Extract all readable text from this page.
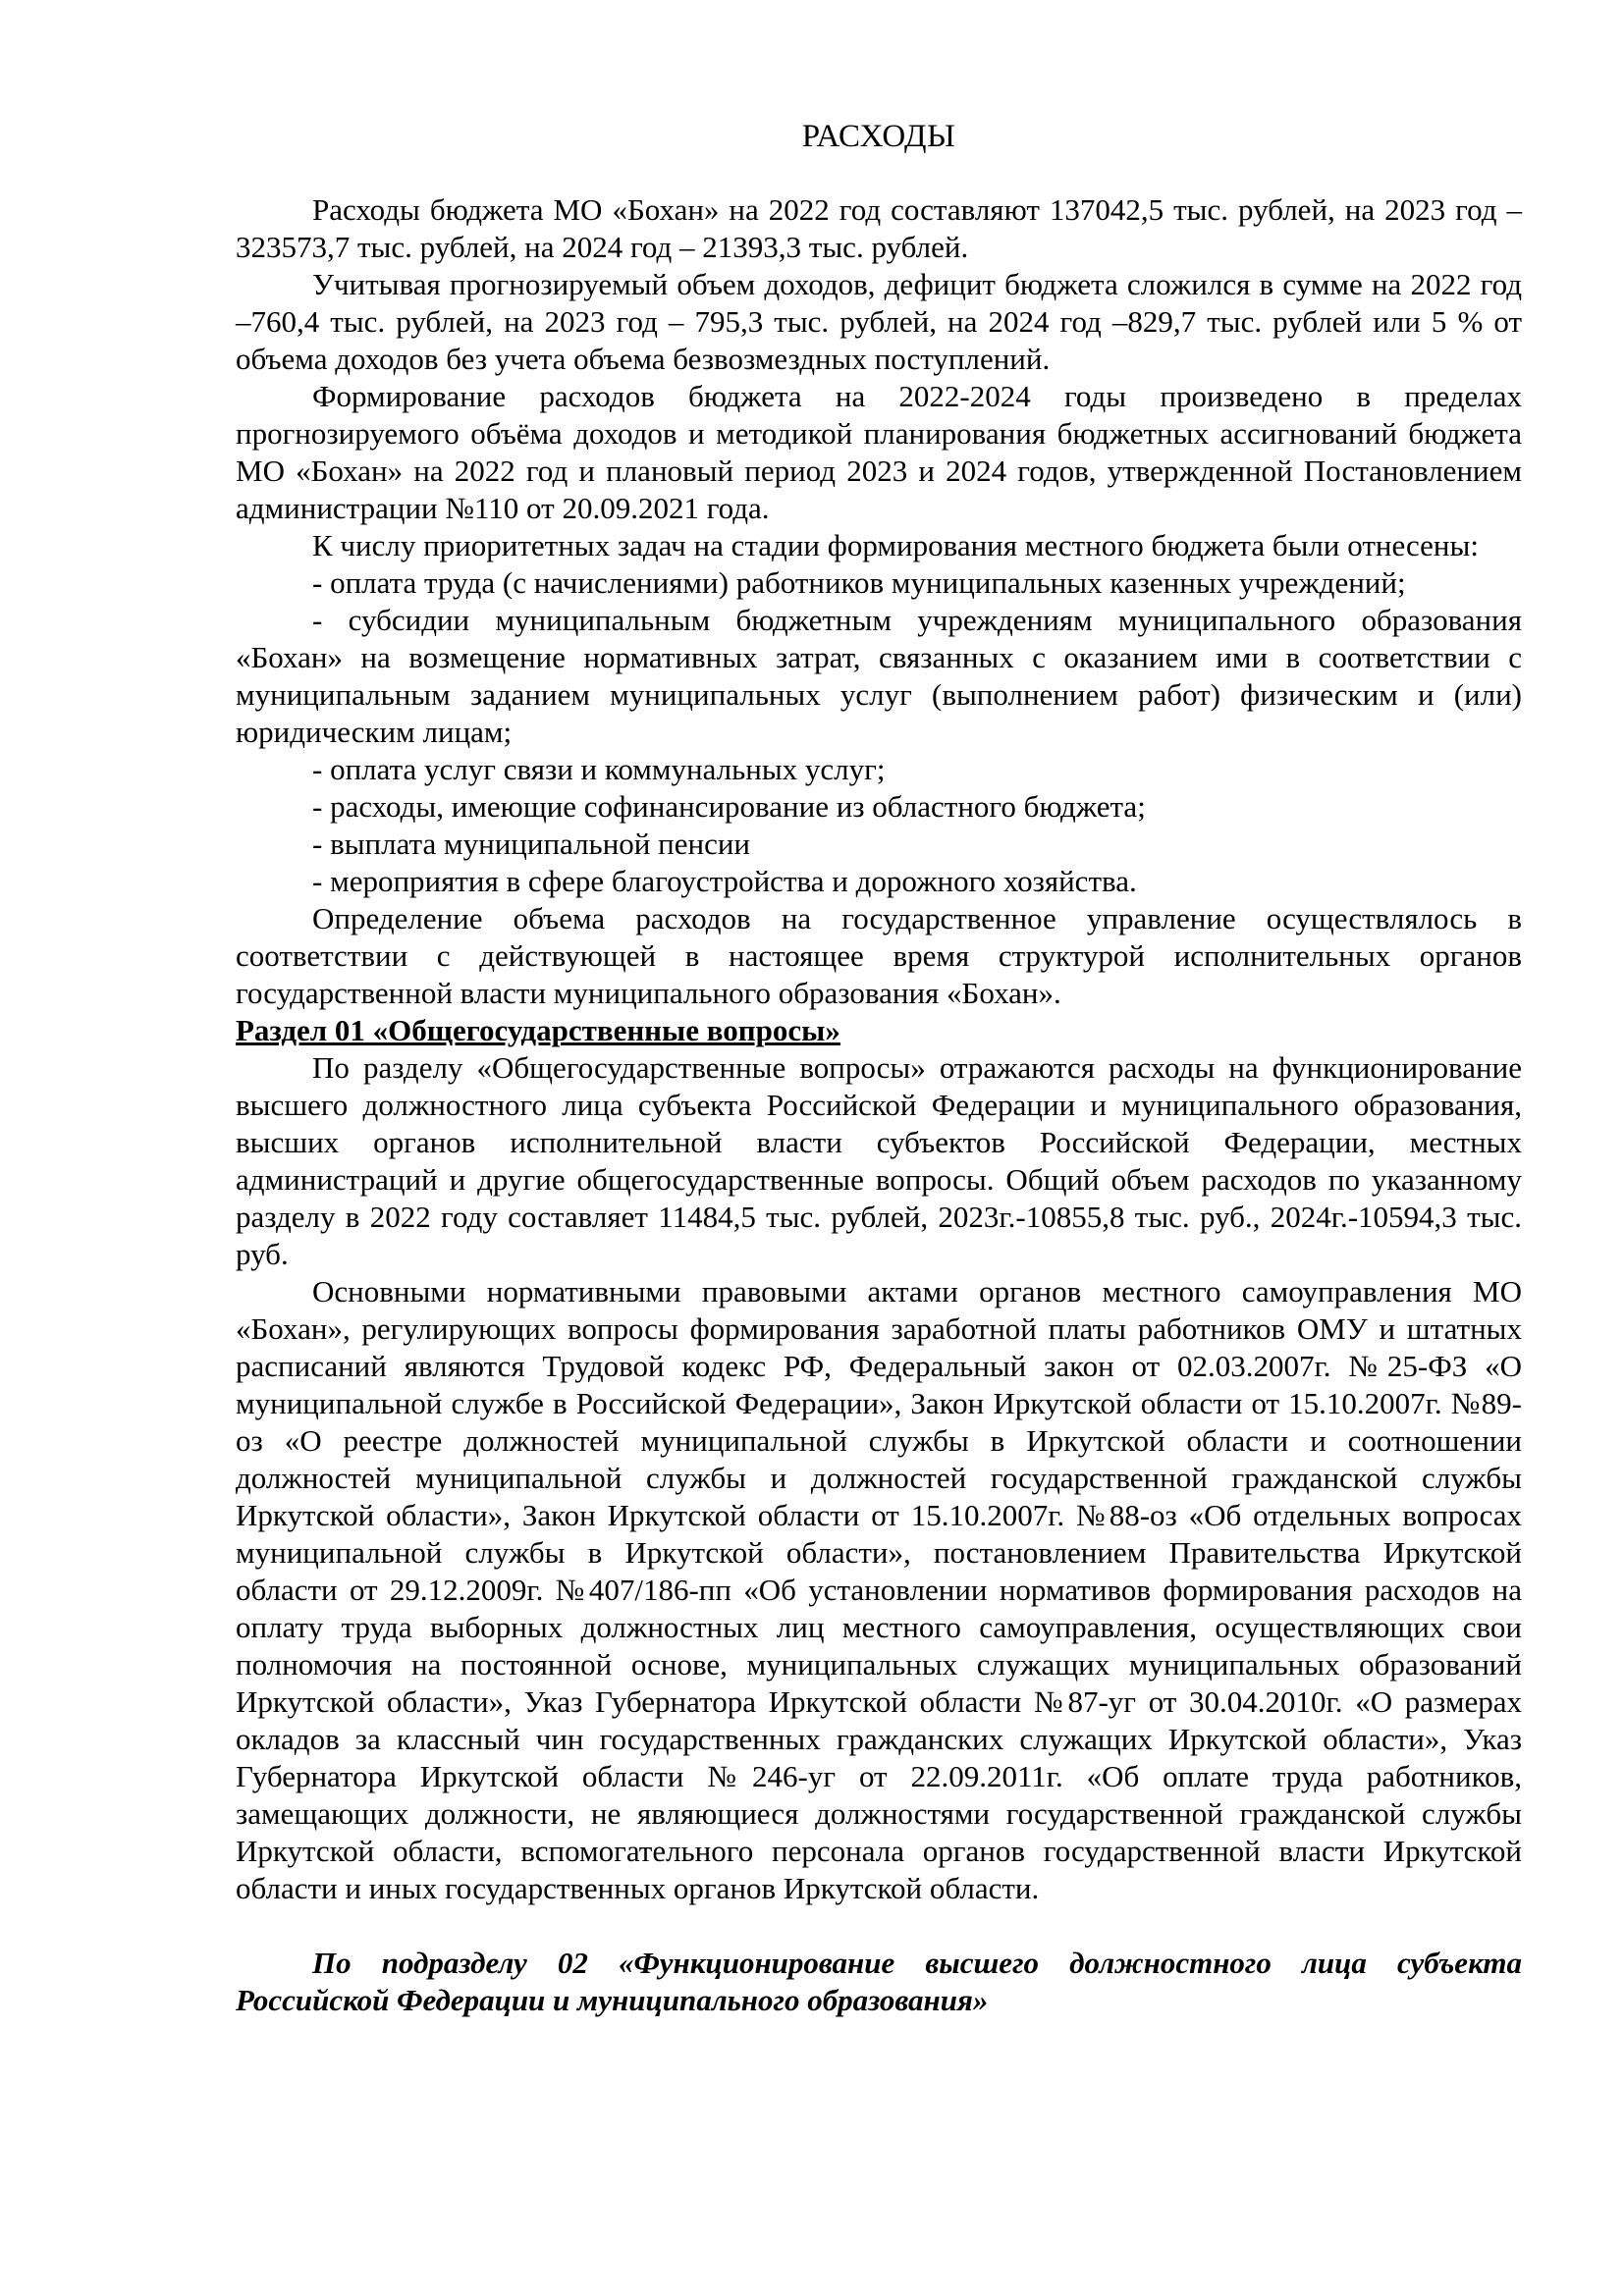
РАСХОДЫ

Расходы бюджета МО «Бохан» на 2022 год составляют 137042,5 тыс. рублей, на 2023 год – 323573,7 тыс. рублей, на 2024 год – 21393,3 тыс. рублей.

Учитывая прогнозируемый объем доходов, дефицит бюджета сложился в сумме на 2022 год –760,4 тыс. рублей, на 2023 год – 795,3 тыс. рублей, на 2024 год –829,7 тыс. рублей или 5 % от объема доходов без учета объема безвозмездных поступлений.

Формирование расходов бюджета на 2022-2024 годы произведено в пределах прогнозируемого объёма доходов и методикой планирования бюджетных ассигнований бюджета МО «Бохан» на 2022 год и плановый период 2023 и 2024 годов, утвержденной Постановлением администрации №110 от 20.09.2021 года.

К числу приоритетных задач на стадии формирования местного бюджета были отнесены:

- оплата труда (с начислениями) работников муниципальных казенных учреждений;

- субсидии муниципальным бюджетным учреждениям муниципального образования «Бохан» на возмещение нормативных затрат, связанных с оказанием ими в соответствии с муниципальным заданием муниципальных услуг (выполнением работ) физическим и (или) юридическим лицам;

- оплата услуг связи и коммунальных услуг;

- расходы, имеющие софинансирование из областного бюджета;

- выплата муниципальной пенсии

- мероприятия в сфере благоустройства и дорожного хозяйства.

Определение объема расходов на государственное управление осуществлялось в соответствии с действующей в настоящее время структурой исполнительных органов государственной власти муниципального образования «Бохан».

Раздел 01 «Общегосударственные вопросы»

По разделу «Общегосударственные вопросы» отражаются расходы на функционирование высшего должностного лица субъекта Российской Федерации и муниципального образования, высших органов исполнительной власти субъектов Российской Федерации, местных администраций и другие общегосударственные вопросы. Общий объем расходов по указанному разделу в 2022 году составляет 11484,5 тыс. рублей, 2023г.-10855,8 тыс. руб., 2024г.-10594,3 тыс. руб.

Основными нормативными правовыми актами органов местного самоуправления МО «Бохан», регулирующих вопросы формирования заработной платы работников ОМУ и штатных расписаний являются Трудовой кодекс РФ, Федеральный закон от 02.03.2007г. №25-ФЗ «О муниципальной службе в Российской Федерации», Закон Иркутской области от 15.10.2007г. №89-оз «О реестре должностей муниципальной службы в Иркутской области и соотношении должностей муниципальной службы и должностей государственной гражданской службы Иркутской области», Закон Иркутской области от 15.10.2007г. №88-оз «Об отдельных вопросах муниципальной службы в Иркутской области», постановлением Правительства Иркутской области от 29.12.2009г. №407/186-пп «Об установлении нормативов формирования расходов на оплату труда выборных должностных лиц местного самоуправления, осуществляющих свои полномочия на постоянной основе, муниципальных служащих муниципальных образований Иркутской области», Указ Губернатора Иркутской области №87-уг от 30.04.2010г. «О размерах окладов за классный чин государственных гражданских служащих Иркутской области», Указ Губернатора Иркутской области №246-уг от 22.09.2011г. «Об оплате труда работников, замещающих должности, не являющиеся должностями государственной гражданской службы Иркутской области, вспомогательного персонала органов государственной власти Иркутской области и иных государственных органов Иркутской области.

По подразделу 02 «Функционирование высшего должностного лица субъекта Российской Федерации и муниципального образования»
